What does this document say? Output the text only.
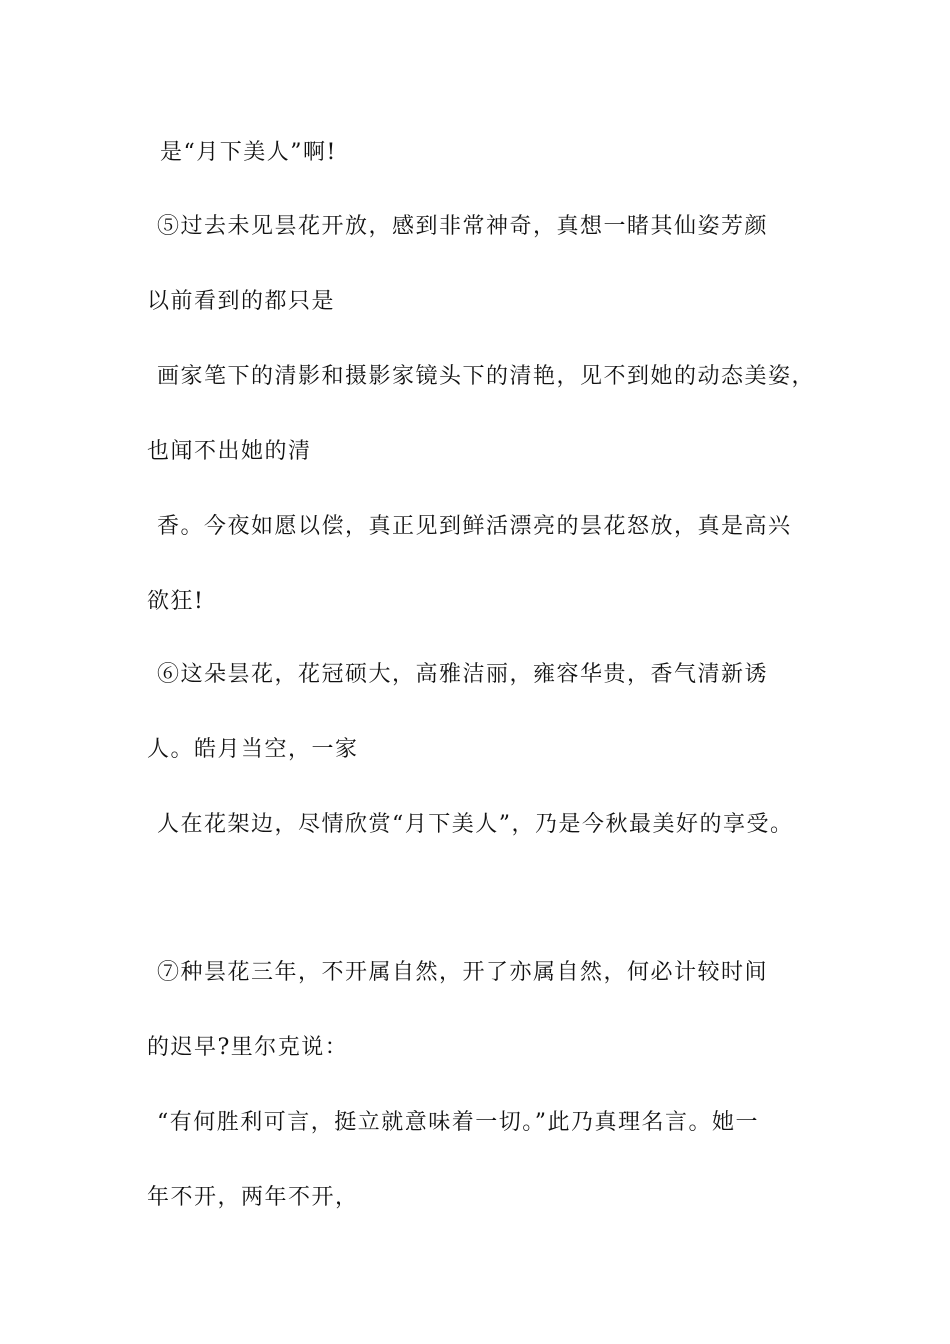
是“月下美人”啊!
⑤过去未见昙花开放，感到非常神奇，真想一睹其仙姿芳颜
以前看到的都只是
画家笔下的清影和摄影家镜头下的清艳，见不到她的动态美姿，
也闻不出她的清
香。今夜如愿以偿，真正见到鲜活漂亮的昙花怒放，真是高兴
欲狂!
⑥这朵昙花，花冠硕大，高雅洁丽，雍容华贵，香气清新诱
人。皓月当空，一家
人在花架边，尽情欣赏“月下美人”，乃是今秋最美好的享受。
⑦种昙花三年，不开属自然，开了亦属自然，何必计较时间
的迟早?里尔克说：
“有何胜利可言，挺立就意味着一切。”此乃真理名言。她一
年不开，两年不开，
